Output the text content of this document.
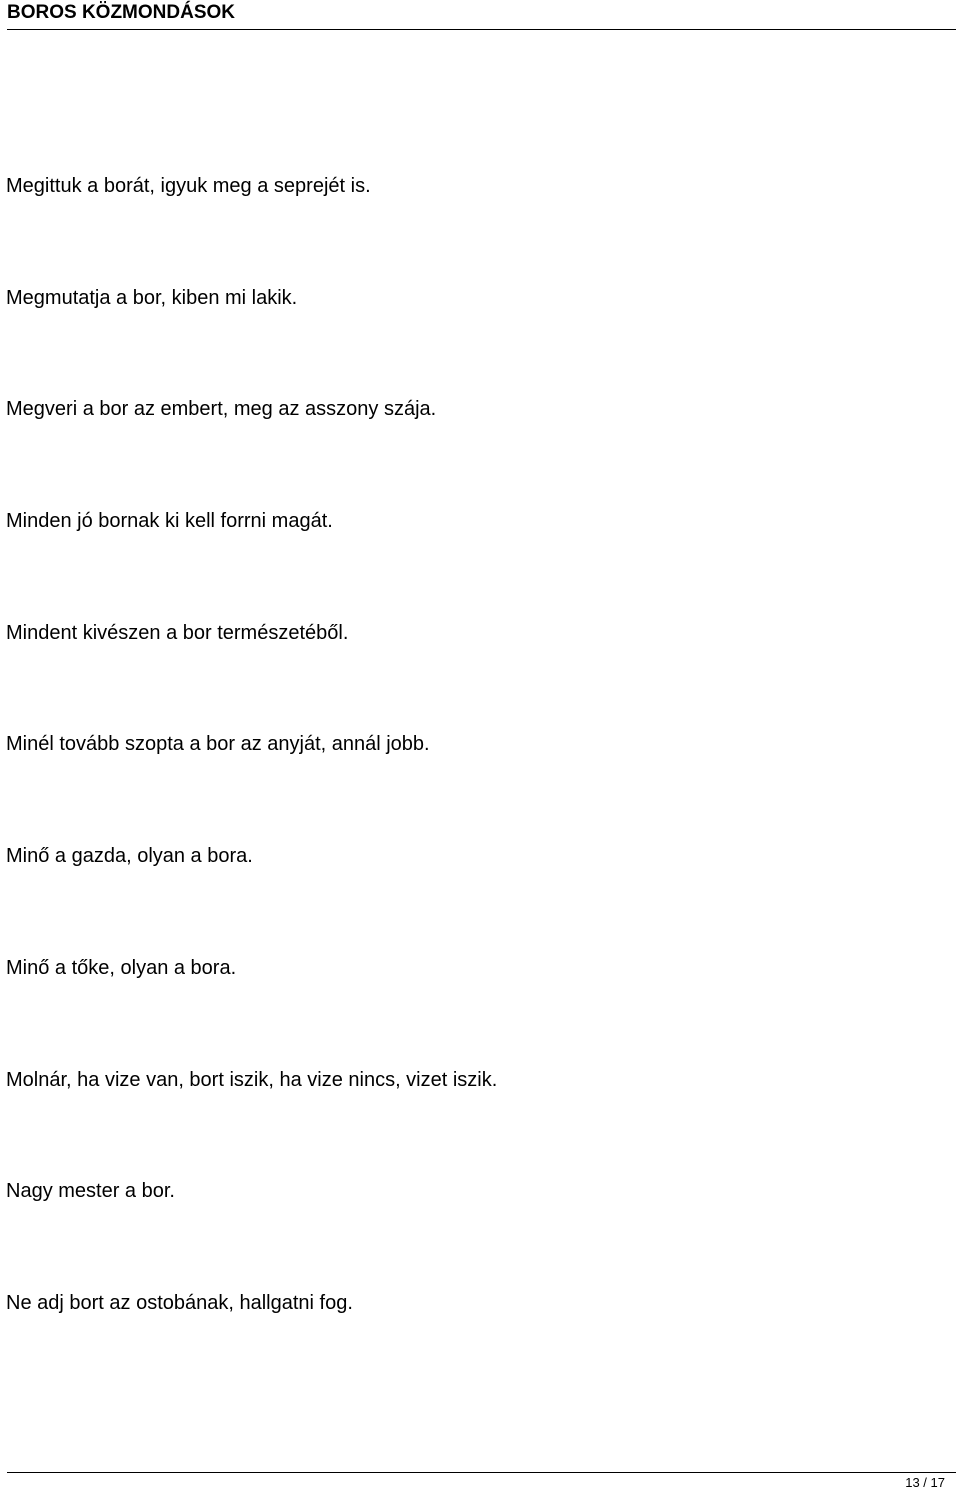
BOROS KÖZMONDÁSOK
Megittuk a borát, igyuk meg a seprejét is.
Megmutatja a bor, kiben mi lakik.
Megveri a bor az embert, meg az asszony szája.
Minden jó bornak ki kell forrni magát.
Mindent kivészen a bor természetéből.
Minél tovább szopta a bor az anyját, annál jobb.
Minő a gazda, olyan a bora.
Minő a tőke, olyan a bora.
Molnár, ha vize van, bort iszik, ha vize nincs, vizet iszik.
Nagy mester a bor.
Ne adj bort az ostobának, hallgatni fog.
13 / 17
